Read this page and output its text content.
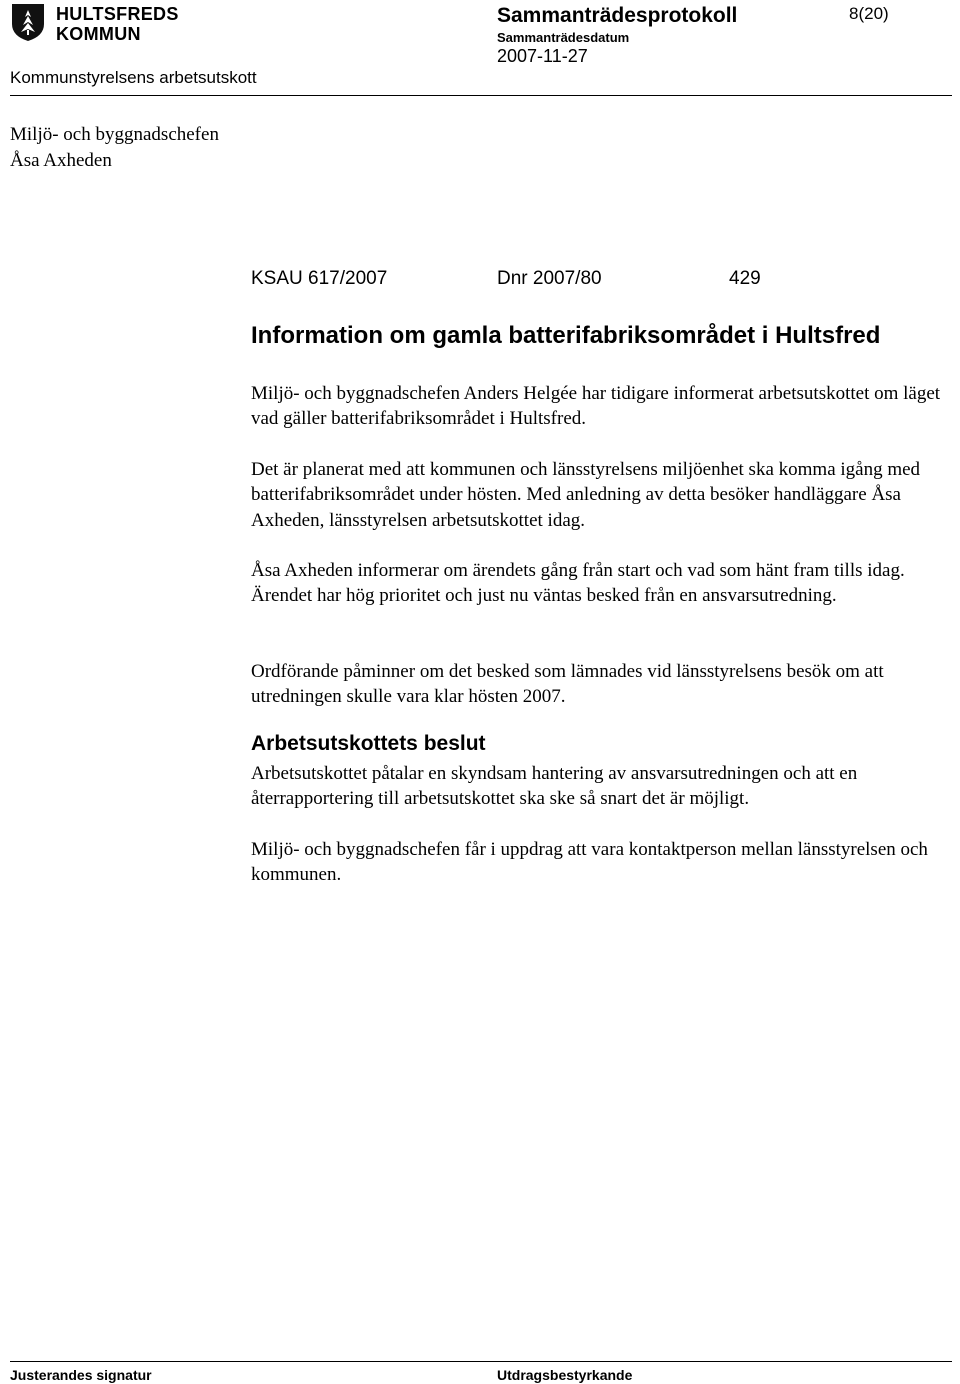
HULTSFREDS
KOMMUN
Sammanträdesprotokoll
Sammanträdesdatum
2007-11-27
8(20)
Kommunstyrelsens arbetsutskott
Miljö- och byggnadschefen
Åsa Axheden
KSAU 617/2007	Dnr 2007/80	429
Information om gamla batterifabriksområdet i Hultsfred
Miljö- och byggnadschefen Anders Helgée har tidigare informerat arbetsutskottet om läget vad gäller batterifabriksområdet i Hultsfred.
Det är planerat med att kommunen och länsstyrelsens miljöenhet ska komma igång med batterifabriksområdet under hösten. Med anledning av detta besöker handläggare Åsa Axheden, länsstyrelsen arbetsutskottet idag.
Åsa Axheden informerar om ärendets gång från start och vad som hänt fram tills idag. Ärendet har hög prioritet och just nu väntas besked från en ansvarsutredning.
Ordförande påminner om det besked som lämnades vid länsstyrelsens besök om att utredningen skulle vara klar hösten 2007.
Arbetsutskottets beslut
Arbetsutskottet påtalar en skyndsam hantering av ansvarsutredningen och att en återrapportering till arbetsutskottet ska ske så snart det är möjligt.
Miljö- och byggnadschefen får i uppdrag att vara kontaktperson mellan länsstyrelsen och kommunen.
Justerandes signatur	Utdragsbestyrkande
